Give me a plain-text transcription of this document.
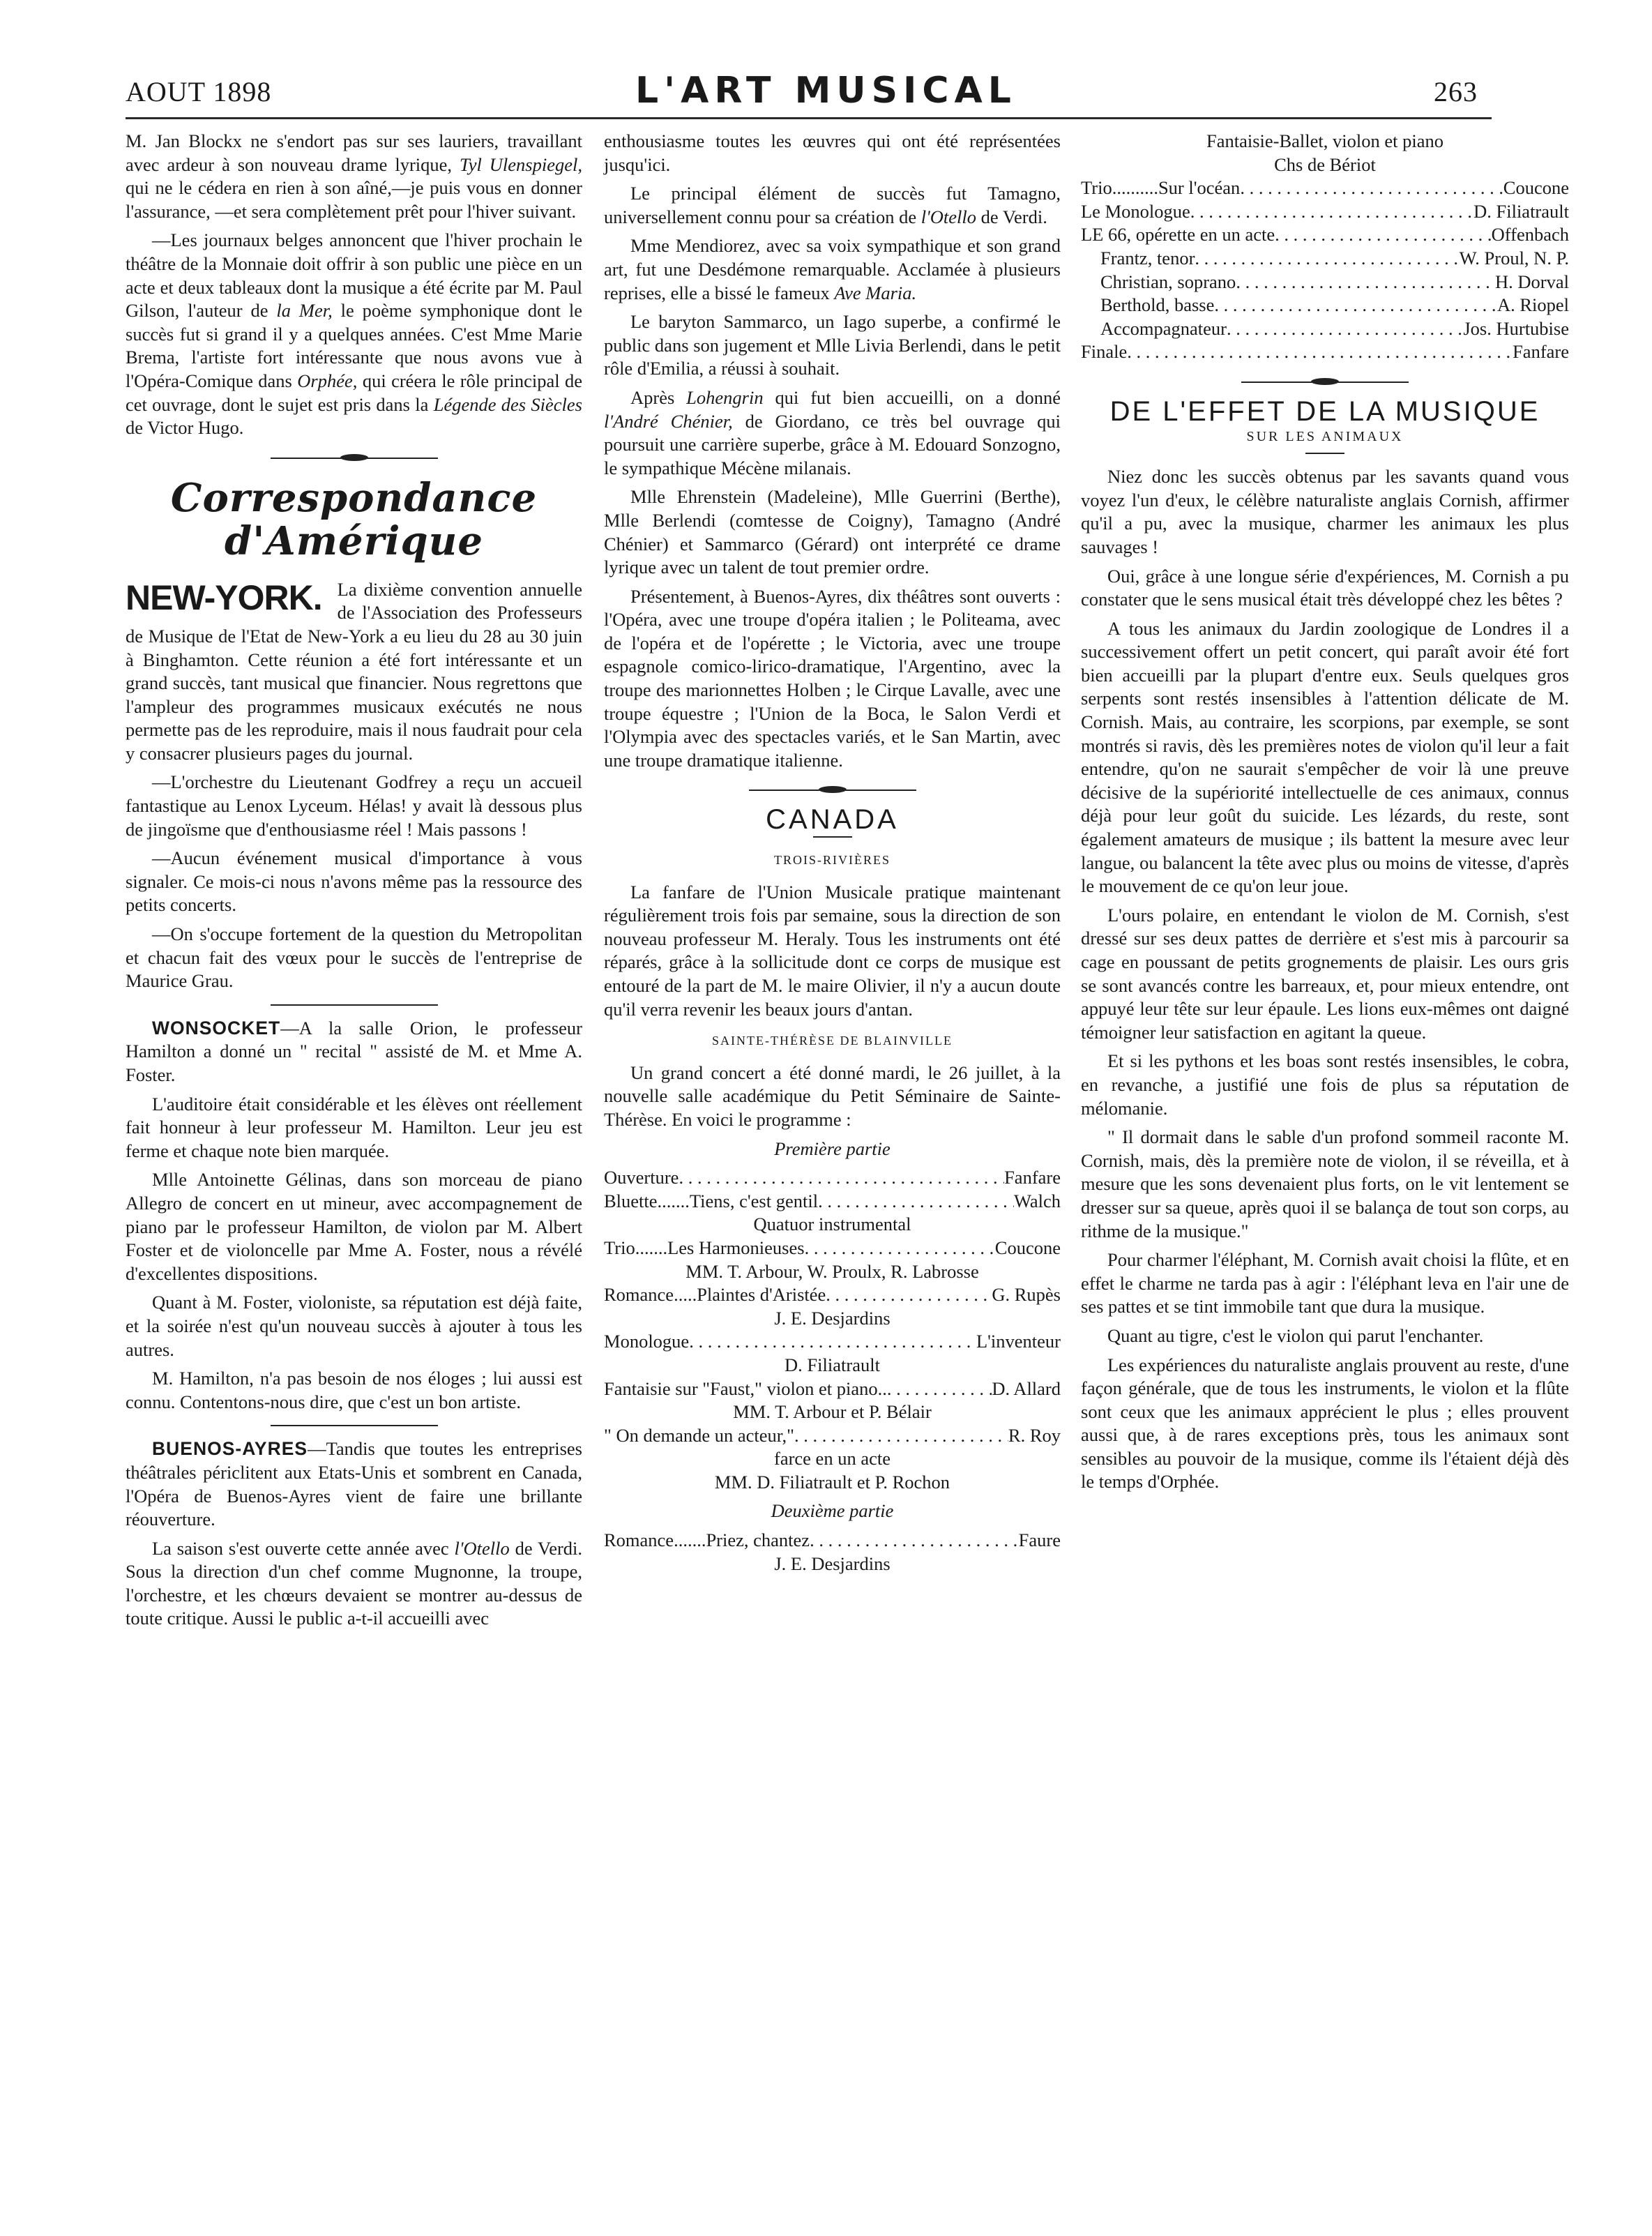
AOUT 1898	L'ART MUSICAL	263

M. Jan Blockx ne s'endort pas sur ses lauriers, travaillant avec ardeur à son nouveau drame lyrique, Tyl Ulenspiegel, qui ne le cédera en rien à son aîné,—je puis vous en donner l'assurance, —et sera complètement prêt pour l'hiver suivant.

—Les journaux belges annoncent que l'hiver prochain le théâtre de la Monnaie doit offrir à son public une pièce en un acte et deux tableaux dont la musique a été écrite par M. Paul Gilson, l'auteur de la Mer, le poème symphonique dont le succès fut si grand il y a quelques années. C'est Mme Marie Brema, l'artiste fort intéressante que nous avons vue à l'Opéra-Comique dans Orphée, qui créera le rôle principal de cet ouvrage, dont le sujet est pris dans la Légende des Siècles de Victor Hugo.

Correspondance d'Amérique

NEW-YORK. La dixième convention annuelle de l'Association des Professeurs de Musique de l'Etat de New-York a eu lieu du 28 au 30 juin à Binghamton. Cette réunion a été fort intéressante et un grand succès, tant musical que financier. Nous regrettons que l'ampleur des programmes musicaux exécutés ne nous permette pas de les reproduire, mais il nous faudrait pour cela y consacrer plusieurs pages du journal.

—L'orchestre du Lieutenant Godfrey a reçu un accueil fantastique au Lenox Lyceum. Hélas! y avait là dessous plus de jingoïsme que d'enthousiasme réel ! Mais passons !

—Aucun événement musical d'importance à vous signaler. Ce mois-ci nous n'avons même pas la ressource des petits concerts.

—On s'occupe fortement de la question du Metropolitan et chacun fait des vœux pour le succès de l'entreprise de Maurice Grau.

WONSOCKET—A la salle Orion, le professeur Hamilton a donné un " recital " assisté de M. et Mme A. Foster.

L'auditoire était considérable et les élèves ont réellement fait honneur à leur professeur M. Hamilton. Leur jeu est ferme et chaque note bien marquée.

Mlle Antoinette Gélinas, dans son morceau de piano Allegro de concert en ut mineur, avec accompagnement de piano par le professeur Hamilton, de violon par M. Albert Foster et de violoncelle par Mme A. Foster, nous a révélé d'excellentes dispositions.

Quant à M. Foster, violoniste, sa réputation est déjà faite, et la soirée n'est qu'un nouveau succès à ajouter à tous les autres.

M. Hamilton, n'a pas besoin de nos éloges ; lui aussi est connu. Contentons-nous dire, que c'est un bon artiste.

BUENOS-AYRES—Tandis que toutes les entreprises théâtrales périclitent aux Etats-Unis et sombrent en Canada, l'Opéra de Buenos-Ayres vient de faire une brillante réouverture.

La saison s'est ouverte cette année avec l'Otello de Verdi. Sous la direction d'un chef comme Mugnonne, la troupe, l'orchestre, et les chœurs devaient se montrer au-dessus de toute critique. Aussi le public a-t-il accueilli avec

enthousiasme toutes les œuvres qui ont été représentées jusqu'ici.

Le principal élément de succès fut Tamagno, universellement connu pour sa création de l'Otello de Verdi.

Mme Mendiorez, avec sa voix sympathique et son grand art, fut une Desdémone remarquable. Acclamée à plusieurs reprises, elle a bissé le fameux Ave Maria.

Le baryton Sammarco, un Iago superbe, a confirmé le public dans son jugement et Mlle Livia Berlendi, dans le petit rôle d'Emilia, a réussi à souhait.

Après Lohengrin qui fut bien accueilli, on a donné l'André Chénier, de Giordano, ce très bel ouvrage qui poursuit une carrière superbe, grâce à M. Edouard Sonzogno, le sympathique Mécène milanais.

Mlle Ehrenstein (Madeleine), Mlle Guerrini (Berthe), Mlle Berlendi (comtesse de Coigny), Tamagno (André Chénier) et Sammarco (Gérard) ont interprété ce drame lyrique avec un talent de tout premier ordre.

Présentement, à Buenos-Ayres, dix théâtres sont ouverts : l'Opéra, avec une troupe d'opéra italien ; le Politeama, avec de l'opéra et de l'opérette ; le Victoria, avec une troupe espagnole comico-lirico-dramatique, l'Argentino, avec la troupe des marionnettes Holben ; le Cirque Lavalle, avec une troupe équestre ; l'Union de la Boca, le Salon Verdi et l'Olympia avec des spectacles variés, et le San Martin, avec une troupe dramatique italienne.

CANADA
TROIS-RIVIÈRES

La fanfare de l'Union Musicale pratique maintenant régulièrement trois fois par semaine, sous la direction de son nouveau professeur M. Heraly. Tous les instruments ont été réparés, grâce à la sollicitude dont ce corps de musique est entouré de la part de M. le maire Olivier, il n'y a aucun doute qu'il verra revenir les beaux jours d'antan.

SAINTE-THÉRÈSE DE BLAINVILLE

Un grand concert a été donné mardi, le 26 juillet, à la nouvelle salle académique du Petit Séminaire de Sainte-Thérèse. En voici le programme :

Première partie
Ouverture . . .	Fanfare
Bluette.......Tiens, c'est gentil . . .	Walch
Quatuor instrumental
Trio.......Les Harmonieuses . . .	Coucone
MM. T. Arbour, W. Proulx, R. Labrosse
Romance.....Plaintes d'Aristée . . .	G. Rupès
J. E. Desjardins
Monologue . . .	L'inventeur
D. Filiatrault
Fantaisie sur "Faust," violon et piano.. . . .	D. Allard
MM. T. Arbour et P. Bélair
" On demande un acteur," . . .	R. Roy
farce en un acte
MM. D. Filiatrault et P. Rochon
Deuxième partie
Romance.......Priez, chantez . . .	Faure
J. E. Desjardins
Fantaisie-Ballet, violon et piano
Chs de Bériot
Trio..........Sur l'océan . . .	Coucone
Le Monologue . . .	D. Filiatrault
LE 66, opérette en un acte . . .	Offenbach
Frantz, tenor . . .	W. Proul, N. P.
Christian, soprano . . .	H. Dorval
Berthold, basse . . .	A. Riopel
Accompagnateur . . .	Jos. Hurtubise
Finale . . .	Fanfare
DE L'EFFET DE LA MUSIQUE
SUR LES ANIMAUX

Niez donc les succès obtenus par les savants quand vous voyez l'un d'eux, le célèbre naturaliste anglais Cornish, affirmer qu'il a pu, avec la musique, charmer les animaux les plus sauvages !

Oui, grâce à une longue série d'expériences, M. Cornish a pu constater que le sens musical était très développé chez les bêtes ?

A tous les animaux du Jardin zoologique de Londres il a successivement offert un petit concert, qui paraît avoir été fort bien accueilli par la plupart d'entre eux. Seuls quelques gros serpents sont restés insensibles à l'attention délicate de M. Cornish. Mais, au contraire, les scorpions, par exemple, se sont montrés si ravis, dès les premières notes de violon qu'il leur a fait entendre, qu'on ne saurait s'empêcher de voir là une preuve décisive de la supériorité intellectuelle de ces animaux, connus déjà pour leur goût du suicide. Les lézards, du reste, sont également amateurs de musique ; ils battent la mesure avec leur langue, ou balancent la tête avec plus ou moins de vitesse, d'après le mouvement de ce qu'on leur joue.

L'ours polaire, en entendant le violon de M. Cornish, s'est dressé sur ses deux pattes de derrière et s'est mis à parcourir sa cage en poussant de petits grognements de plaisir. Les ours gris se sont avancés contre les barreaux, et, pour mieux entendre, ont appuyé leur tête sur leur épaule. Les lions eux-mêmes ont daigné témoigner leur satisfaction en agitant la queue.

Et si les pythons et les boas sont restés insensibles, le cobra, en revanche, a justifié une fois de plus sa réputation de mélomanie.

" Il dormait dans le sable d'un profond sommeil raconte M. Cornish, mais, dès la première note de violon, il se réveilla, et à mesure que les sons devenaient plus forts, on le vit lentement se dresser sur sa queue, après quoi il se balança de tout son corps, au rithme de la musique."

Pour charmer l'éléphant, M. Cornish avait choisi la flûte, et en effet le charme ne tarda pas à agir : l'éléphant leva en l'air une de ses pattes et se tint immobile tant que dura la musique.

Quant au tigre, c'est le violon qui parut l'enchanter.

Les expériences du naturaliste anglais prouvent au reste, d'une façon générale, que de tous les instruments, le violon et la flûte sont ceux que les animaux apprécient le plus ; elles prouvent aussi que, à de rares exceptions près, tous les animaux sont sensibles au pouvoir de la musique, comme ils l'étaient déjà dès le temps d'Orphée.
